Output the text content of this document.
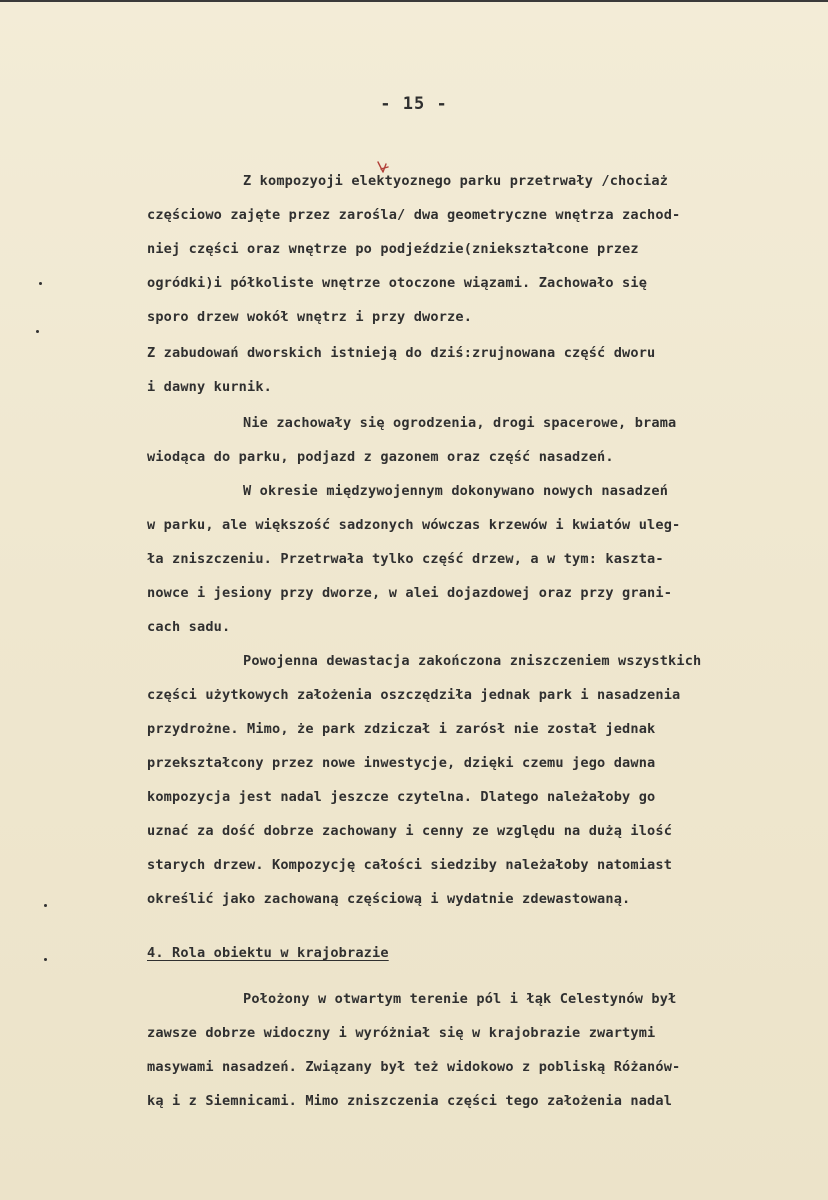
- 15 -
Z kompozyoji elektyoznego parku przetrwały /chociaż
częściowo zajęte przez zarośla/ dwa geometryczne wnętrza zachod-
niej części oraz wnętrze po podjeździe(zniekształcone przez
ogródki)i półkoliste wnętrze otoczone wiązami. Zachowało się
sporo drzew wokół wnętrz i przy dworze.
Z zabudowań dworskich istnieją do dziś:zrujnowana część dworu
i dawny kurnik.
Nie zachowały się ogrodzenia, drogi spacerowe, brama
wiodąca do parku, podjazd z gazonem oraz część nasadzeń.
W okresie międzywojennym dokonywano nowych nasadzeń
w parku, ale większość sadzonych wówczas krzewów i kwiatów uleg-
ła zniszczeniu. Przetrwała tylko część drzew, a w tym: kaszta-
nowce i jesiony przy dworze, w alei dojazdowej oraz przy grani-
cach sadu.
Powojenna dewastacja zakończona zniszczeniem wszystkich
części użytkowych założenia oszczędziła jednak park i nasadzenia
przydrożne. Mimo, że park zdziczał i zarósł nie został jednak
przekształcony przez nowe inwestycje, dzięki czemu jego dawna
kompozycja jest nadal jeszcze czytelna. Dlatego należałoby go
uznać za dość dobrze zachowany i cenny ze względu na dużą ilość
starych drzew. Kompozycję całości siedziby należałoby natomiast
określić jako zachowaną częściową i wydatnie zdewastowaną.
4. Rola obiektu w krajobrazie
Położony w otwartym terenie pól i łąk Celestynów był
zawsze dobrze widoczny i wyróżniał się w krajobrazie zwartymi
masywami nasadzeń. Związany był też widokowo z pobliską Różanów-
ką i z Siemnicami. Mimo zniszczenia części tego założenia nadal
